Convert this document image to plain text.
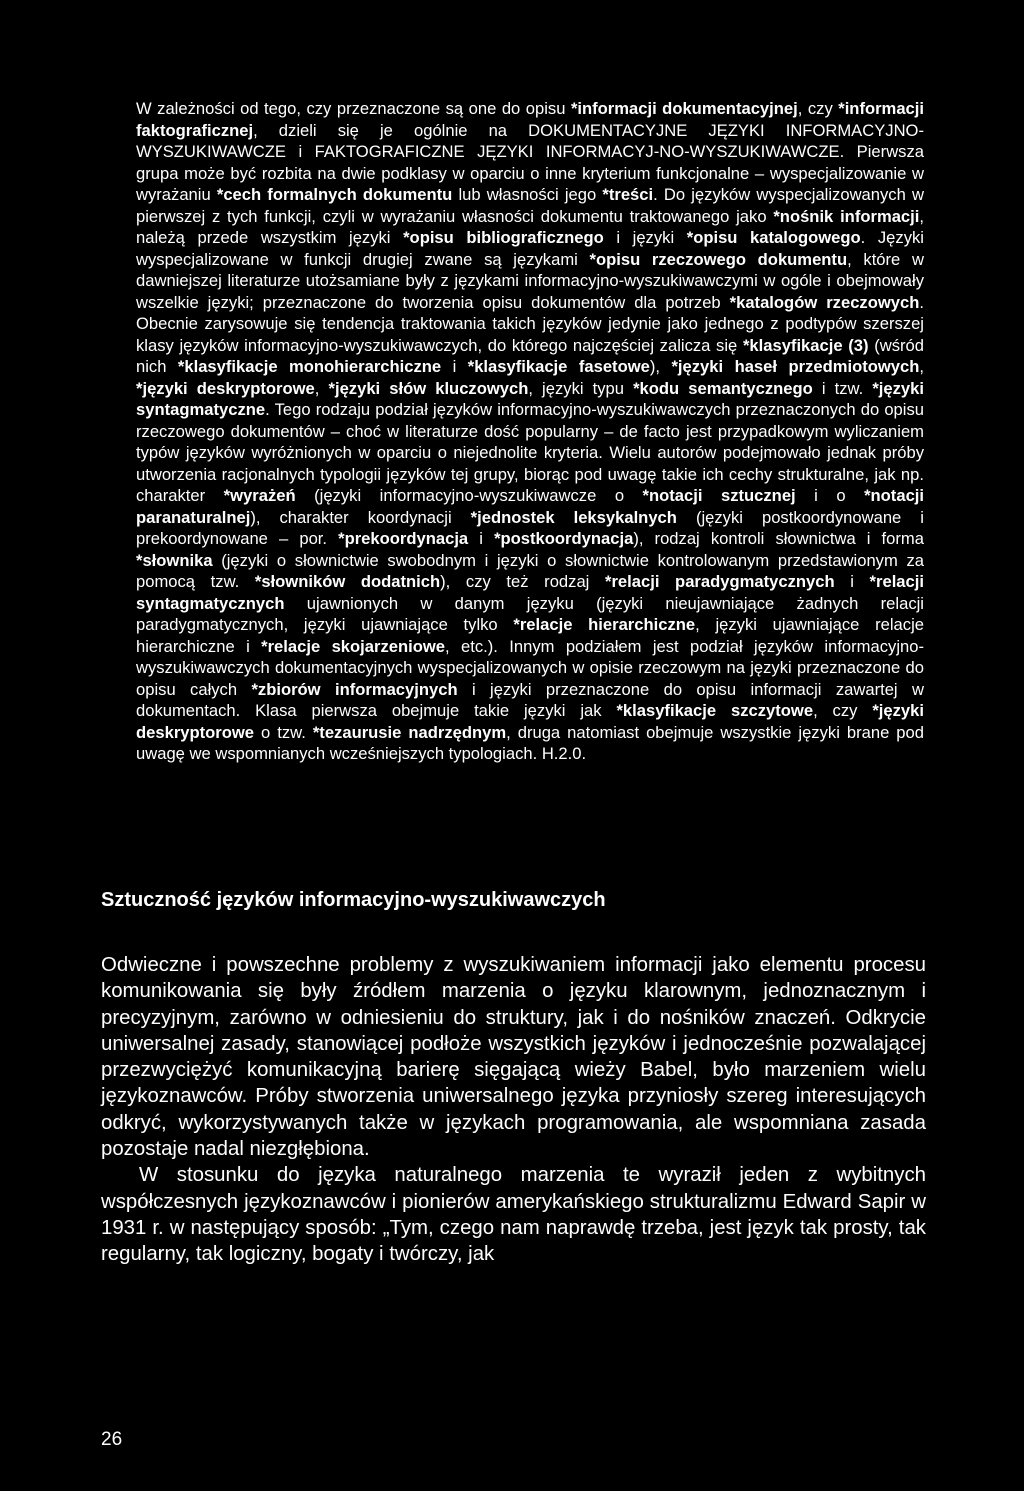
W zależności od tego, czy przeznaczone są one do opisu *informacji dokumentacyjnej, czy *informacji faktograficznej, dzieli się je ogólnie na DOKUMENTACYJNE JĘZYKI INFORMACYJNO-WYSZUKIWAWCZE i FAKTOGRAFICZNE JĘZYKI INFORMACYJ-NO-WYSZUKIWAWCZE. Pierwsza grupa może być rozbita na dwie podklasy w oparciu o inne kryterium funkcjonalne – wyspecjalizowanie w wyrażaniu *cech formalnych dokumentu lub własności jego *treści. Do języków wyspecjalizowanych w pierwszej z tych funkcji, czyli w wyrażaniu własności dokumentu traktowanego jako *nośnik informacji, należą przede wszystkim języki *opisu bibliograficznego i języki *opisu katalogowego. Języki wyspecjalizowane w funkcji drugiej zwane są językami *opisu rzeczowego dokumentu, które w dawniejszej literaturze utożsamiane były z językami informacyjno-wyszukiwawczymi w ogóle i obejmowały wszelkie języki; przeznaczone do tworzenia opisu dokumentów dla potrzeb *katalogów rzeczowych. Obecnie zarysowuje się tendencja traktowania takich języków jedynie jako jednego z podtypów szerszej klasy języków informacyjno-wyszukiwawczych, do którego najczęściej zalicza się *klasyfikacje (3) (wśród nich *klasyfikacje monohierarchiczne i *klasyfikacje fasetowe), *języki haseł przedmiotowych, *języki deskryptorowe, *języki słów kluczowych, języki typu *kodu semantycznego i tzw. *języki syntagmatyczne. Tego rodzaju podział języków informacyjno-wyszukiwawczych przeznaczonych do opisu rzeczowego dokumentów – choć w literaturze dość popularny – de facto jest przypadkowym wyliczaniem typów języków wyróżnionych w oparciu o niejednolite kryteria. Wielu autorów podejmowało jednak próby utworzenia racjonalnych typologii języków tej grupy, biorąc pod uwagę takie ich cechy strukturalne, jak np. charakter *wyrażeń (języki informacyjno-wyszukiwawcze o *notacji sztucznej i o *notacji paranaturalnej), charakter koordynacji *jednostek leksykalnych (języki postkoordynowane i prekoordynowane – por. *prekoordynacja i *postkoordynacja), rodzaj kontroli słownictwa i forma *słownika (języki o słownictwie swobodnym i języki o słownictwie kontrolowanym przedstawionym za pomocą tzw. *słowników dodatnich), czy też rodzaj *relacji paradygmatycznych i *relacji syntagmatycznych ujawnionych w danym języku (języki nieujawniające żadnych relacji paradygmatycznych, języki ujawniające tylko *relacje hierarchiczne, języki ujawniające relacje hierarchiczne i *relacje skojarzeniowe, etc.). Innym podziałem jest podział języków informacyjno-wyszukiwawczych dokumentacyjnych wyspecjalizowanych w opisie rzeczowym na języki przeznaczone do opisu całych *zbiorów informacyjnych i języki przeznaczone do opisu informacji zawartej w dokumentach. Klasa pierwsza obejmuje takie języki jak *klasyfikacje szczytowe, czy *języki deskryptorowe o tzw. *tezaurusie nadrzędnym, druga natomiast obejmuje wszystkie języki brane pod uwagę we wspomnianych wcześniejszych typologiach. H.2.0.

Sztuczność języków informacyjno-wyszukiwawczych
Odwieczne i powszechne problemy z wyszukiwaniem informacji jako elementu procesu komunikowania się były źródłem marzenia o języku klarownym, jednoznacznym i precyzyjnym, zarówno w odniesieniu do struktury, jak i do nośników znaczeń. Odkrycie uniwersalnej zasady, stanowiącej podłoże wszystkich języków i jednocześnie pozwalającej przezwyciężyć komunikacyjną barierę sięgającą wieży Babel, było marzeniem wielu językoznawców. Próby stworzenia uniwersalnego języka przyniosły szereg interesujących odkryć, wykorzystywanych także w językach programowania, ale wspomniana zasada pozostaje nadal niezgłębiona.
W stosunku do języka naturalnego marzenia te wyraził jeden z wybitnych współczesnych językoznawców i pionierów amerykańskiego strukturalizmu Edward Sapir w 1931 r. w następujący sposób: „Tym, czego nam naprawdę trzeba, jest język tak prosty, tak regularny, tak logiczny, bogaty i twórczy, jak
26
